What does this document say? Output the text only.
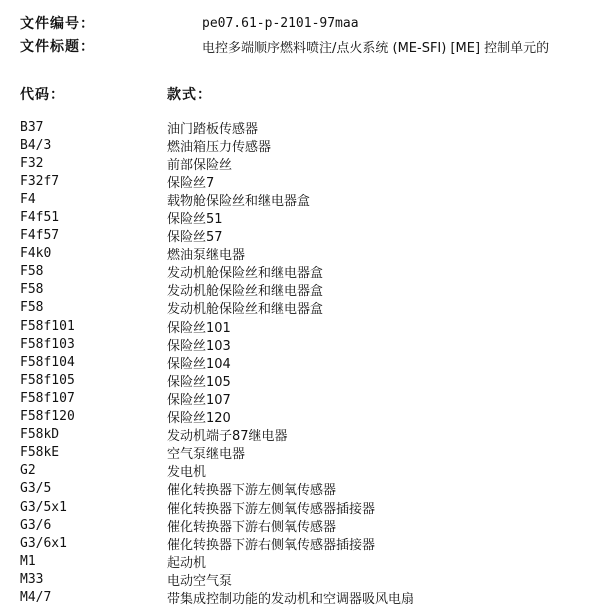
文件编号：	pe07.61-p-2101-97maa
文件标题：	电控多端顺序燃料喷注/点火系统 (ME-SFI) [ME] 控制单元的
代码：	款式：
B37	油门踏板传感器
B4/3	燃油箱压力传感器
F32	前部保险丝
F32f7	保险丝7
F4	载物舱保险丝和继电器盒
F4f51	保险丝51
F4f57	保险丝57
F4k0	燃油泵继电器
F58	发动机舱保险丝和继电器盒
F58	发动机舱保险丝和继电器盒
F58	发动机舱保险丝和继电器盒
F58f101	保险丝101
F58f103	保险丝103
F58f104	保险丝104
F58f105	保险丝105
F58f107	保险丝107
F58f120	保险丝120
F58kD	发动机端子87继电器
F58kE	空气泵继电器
G2	发电机
G3/5	催化转换器下游左侧氧传感器
G3/5x1	催化转换器下游左侧氧传感器插接器
G3/6	催化转换器下游右侧氧传感器
G3/6x1	催化转换器下游右侧氧传感器插接器
M1	起动机
M33	电动空气泵
M4/7	带集成控制功能的发动机和空调器吸风电扇
